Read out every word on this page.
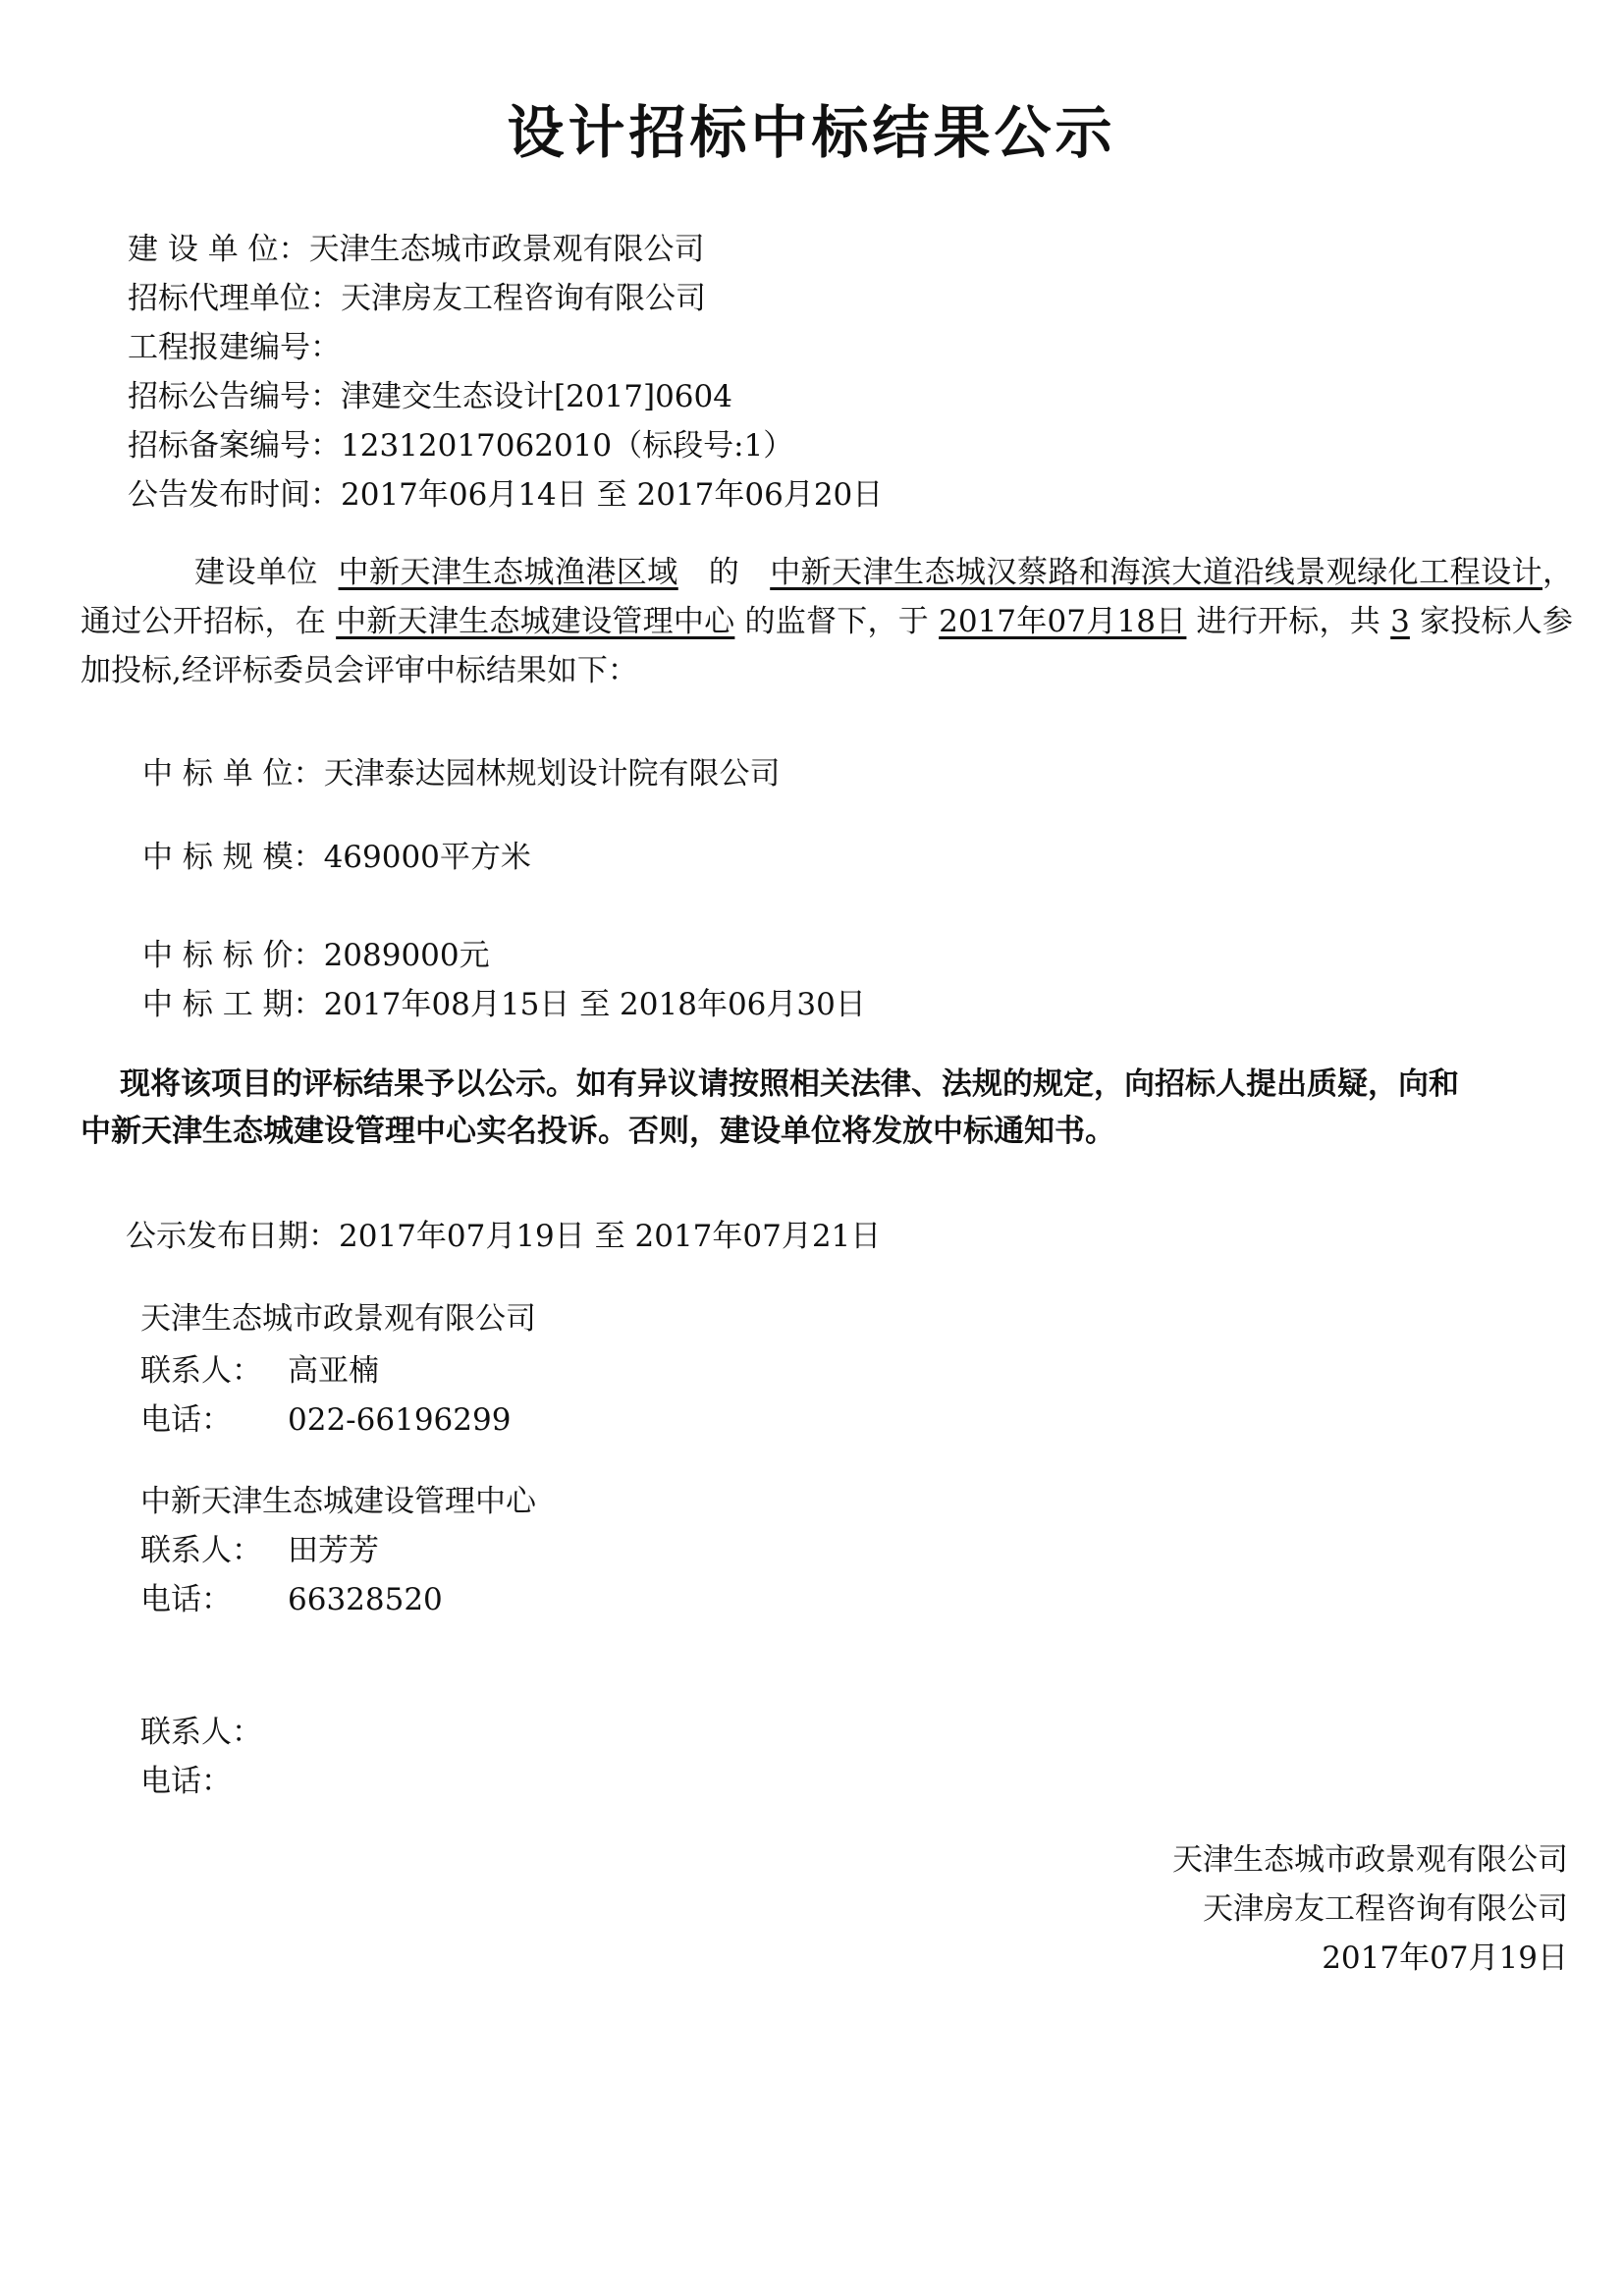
设计招标中标结果公示
建 设 单 位：天津生态城市政景观有限公司
招标代理单位：天津房友工程咨询有限公司
工程报建编号：
招标公告编号：津建交生态设计[2017]0604
招标备案编号：12312017062010（标段号:1）
公告发布时间：2017年06月14日 至 2017年06月20日
建设单位 中新天津生态城渔港区域 的 中新天津生态城汉蔡路和海滨大道沿线景观绿化工程设计，通过公开招标，在 中新天津生态城建设管理中心 的监督下，于 2017年07月18日 进行开标，共 3 家投标人参加投标,经评标委员会评审中标结果如下：
中 标 单 位：天津泰达园林规划设计院有限公司
中 标 规 模：469000平方米
中 标 标 价：2089000元
中 标 工 期：2017年08月15日 至 2018年06月30日
现将该项目的评标结果予以公示。如有异议请按照相关法律、法规的规定，向招标人提出质疑，向和中新天津生态城建设管理中心实名投诉。否则，建设单位将发放中标通知书。
公示发布日期：2017年07月19日 至 2017年07月21日
天津生态城市政景观有限公司
联系人： 高亚楠
电话： 022-66196299
中新天津生态城建设管理中心
联系人： 田芳芳
电话： 66328520
联系人：
电话：
天津生态城市政景观有限公司
天津房友工程咨询有限公司
2017年07月19日
